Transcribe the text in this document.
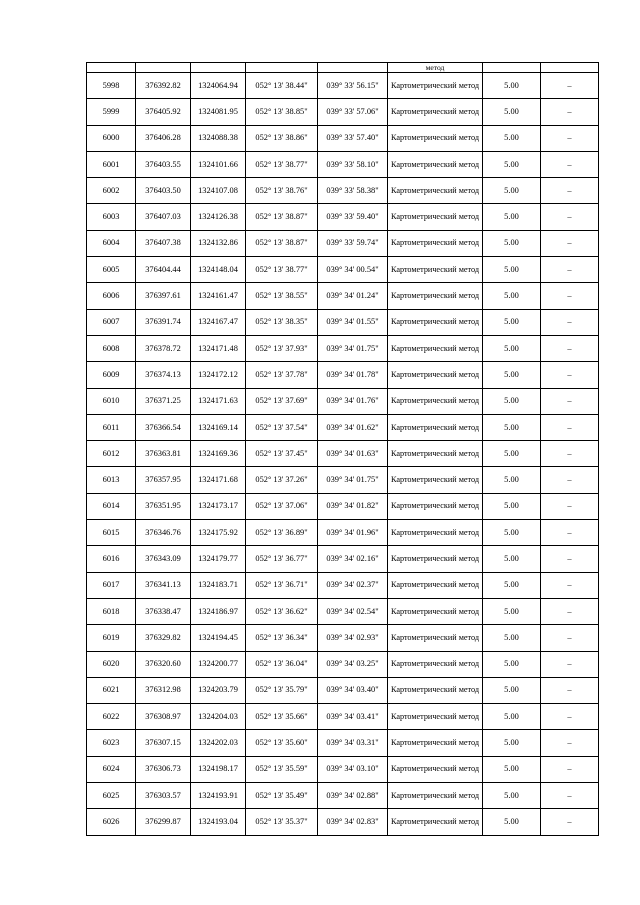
					метод		
5998	376392.82	1324064.94	052° 13' 38.44"	039° 33' 56.15"	Картометрический метод	5.00	–
5999	376405.92	1324081.95	052° 13' 38.85"	039° 33' 57.06"	Картометрический метод	5.00	–
6000	376406.28	1324088.38	052° 13' 38.86"	039° 33' 57.40"	Картометрический метод	5.00	–
6001	376403.55	1324101.66	052° 13' 38.77"	039° 33' 58.10"	Картометрический метод	5.00	–
6002	376403.50	1324107.08	052° 13' 38.76"	039° 33' 58.38"	Картометрический метод	5.00	–
6003	376407.03	1324126.38	052° 13' 38.87"	039° 33' 59.40"	Картометрический метод	5.00	–
6004	376407.38	1324132.86	052° 13' 38.87"	039° 33' 59.74"	Картометрический метод	5.00	–
6005	376404.44	1324148.04	052° 13' 38.77"	039° 34' 00.54"	Картометрический метод	5.00	–
6006	376397.61	1324161.47	052° 13' 38.55"	039° 34' 01.24"	Картометрический метод	5.00	–
6007	376391.74	1324167.47	052° 13' 38.35"	039° 34' 01.55"	Картометрический метод	5.00	–
6008	376378.72	1324171.48	052° 13' 37.93"	039° 34' 01.75"	Картометрический метод	5.00	–
6009	376374.13	1324172.12	052° 13' 37.78"	039° 34' 01.78"	Картометрический метод	5.00	–
6010	376371.25	1324171.63	052° 13' 37.69"	039° 34' 01.76"	Картометрический метод	5.00	–
6011	376366.54	1324169.14	052° 13' 37.54"	039° 34' 01.62"	Картометрический метод	5.00	–
6012	376363.81	1324169.36	052° 13' 37.45"	039° 34' 01.63"	Картометрический метод	5.00	–
6013	376357.95	1324171.68	052° 13' 37.26"	039° 34' 01.75"	Картометрический метод	5.00	–
6014	376351.95	1324173.17	052° 13' 37.06"	039° 34' 01.82"	Картометрический метод	5.00	–
6015	376346.76	1324175.92	052° 13' 36.89"	039° 34' 01.96"	Картометрический метод	5.00	–
6016	376343.09	1324179.77	052° 13' 36.77"	039° 34' 02.16"	Картометрический метод	5.00	–
6017	376341.13	1324183.71	052° 13' 36.71"	039° 34' 02.37"	Картометрический метод	5.00	–
6018	376338.47	1324186.97	052° 13' 36.62"	039° 34' 02.54"	Картометрический метод	5.00	–
6019	376329.82	1324194.45	052° 13' 36.34"	039° 34' 02.93"	Картометрический метод	5.00	–
6020	376320.60	1324200.77	052° 13' 36.04"	039° 34' 03.25"	Картометрический метод	5.00	–
6021	376312.98	1324203.79	052° 13' 35.79"	039° 34' 03.40"	Картометрический метод	5.00	–
6022	376308.97	1324204.03	052° 13' 35.66"	039° 34' 03.41"	Картометрический метод	5.00	–
6023	376307.15	1324202.03	052° 13' 35.60"	039° 34' 03.31"	Картометрический метод	5.00	–
6024	376306.73	1324198.17	052° 13' 35.59"	039° 34' 03.10"	Картометрический метод	5.00	–
6025	376303.57	1324193.91	052° 13' 35.49"	039° 34' 02.88"	Картометрический метод	5.00	–
6026	376299.87	1324193.04	052° 13' 35.37"	039° 34' 02.83"	Картометрический метод	5.00	–
